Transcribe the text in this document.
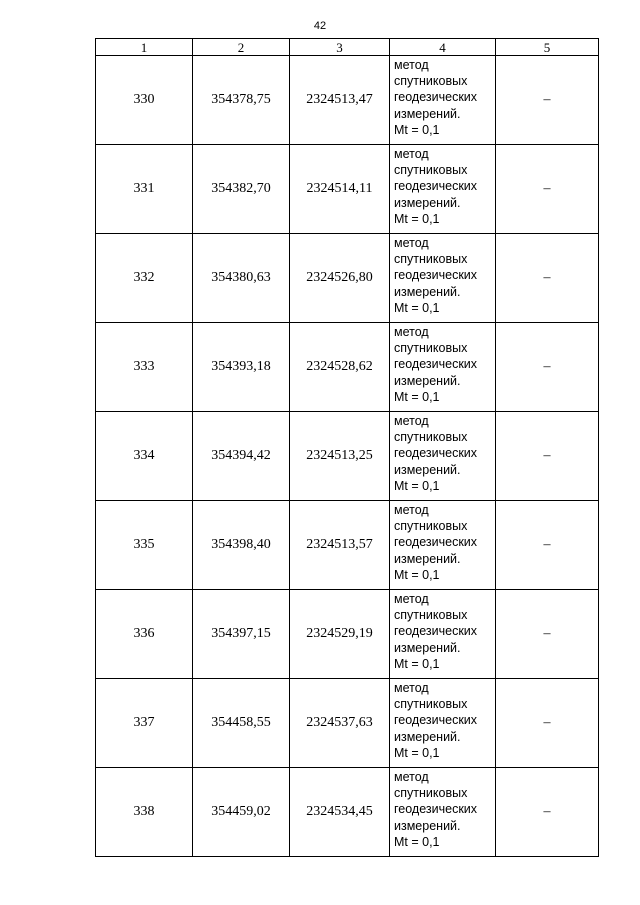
42
1	2	3	4	5
330	354378,75	2324513,47	метод
спутниковых
геодезических
измерений.
Mt = 0,1	–
331	354382,70	2324514,11	метод
спутниковых
геодезических
измерений.
Mt = 0,1	–
332	354380,63	2324526,80	метод
спутниковых
геодезических
измерений.
Mt = 0,1	–
333	354393,18	2324528,62	метод
спутниковых
геодезических
измерений.
Mt = 0,1	–
334	354394,42	2324513,25	метод
спутниковых
геодезических
измерений.
Mt = 0,1	–
335	354398,40	2324513,57	метод
спутниковых
геодезических
измерений.
Mt = 0,1	–
336	354397,15	2324529,19	метод
спутниковых
геодезических
измерений.
Mt = 0,1	–
337	354458,55	2324537,63	метод
спутниковых
геодезических
измерений.
Mt = 0,1	–
338	354459,02	2324534,45	метод
спутниковых
геодезических
измерений.
Mt = 0,1	–
